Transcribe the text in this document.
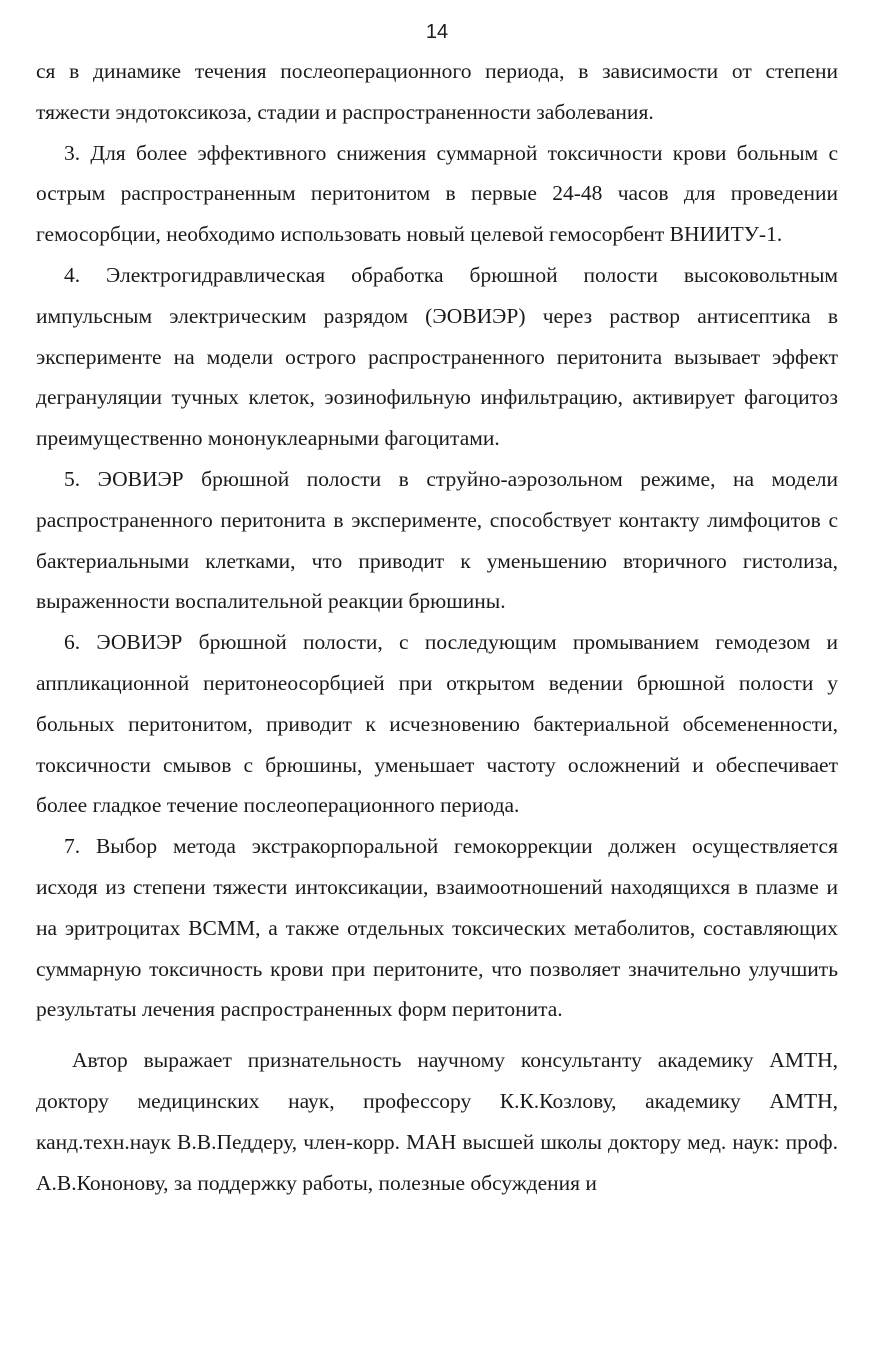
14

ся в динамике течения послеоперационного периода, в зависимости от степени тяжести эндотоксикоза, стадии и распространенности заболевания.

3. Для более эффективного снижения суммарной токсичности крови больным с острым распространенным перитонитом в первые 24-48 часов для проведении гемосорбции, необходимо использовать новый целевой гемосорбент ВНИИТУ-1.

4. Электрогидравлическая обработка брюшной полости высоковольтным импульсным электрическим разрядом (ЭОВИЭР) через раствор антисептика в эксперименте на модели острого распространенного перитонита вызывает эффект дегрануляции тучных клеток, эозинофильную инфильтрацию, активирует фагоцитоз преимущественно мононуклеарными фагоцитами.

5. ЭОВИЭР брюшной полости в струйно-аэрозольном режиме, на модели распространенного перитонита в эксперименте, способствует контакту лимфоцитов с бактериальными клетками, что приводит к уменьшению вторичного гистолиза, выраженности воспалительной реакции брюшины.

6. ЭОВИЭР брюшной полости, с последующим промыванием гемодезом и аппликационной перитонеосорбцией при открытом ведении брюшной полости у больных перитонитом, приводит к исчезновению бактериальной обсемененности, токсичности смывов с брюшины, уменьшает частоту осложнений и обеспечивает более гладкое течение послеоперационного периода.

7. Выбор метода экстракорпоральной гемокоррекции должен осуществляется исходя из степени тяжести интоксикации, взаимоотношений находящихся в плазме и на эритроцитах ВСММ, а также отдельных токсических метаболитов, составляющих суммарную токсичность крови при перитоните, что позволяет значительно улучшить результаты лечения распространенных форм перитонита.

Автор выражает признательность научному консультанту академику АМТН, доктору медицинских наук, профессору К.К.Козлову, академику АМТН, канд.техн.наук В.В.Педдеру, член-корр. МАН высшей школы доктору мед. наук: проф. А.В.Кононову, за поддержку работы, полезные обсуждения и
